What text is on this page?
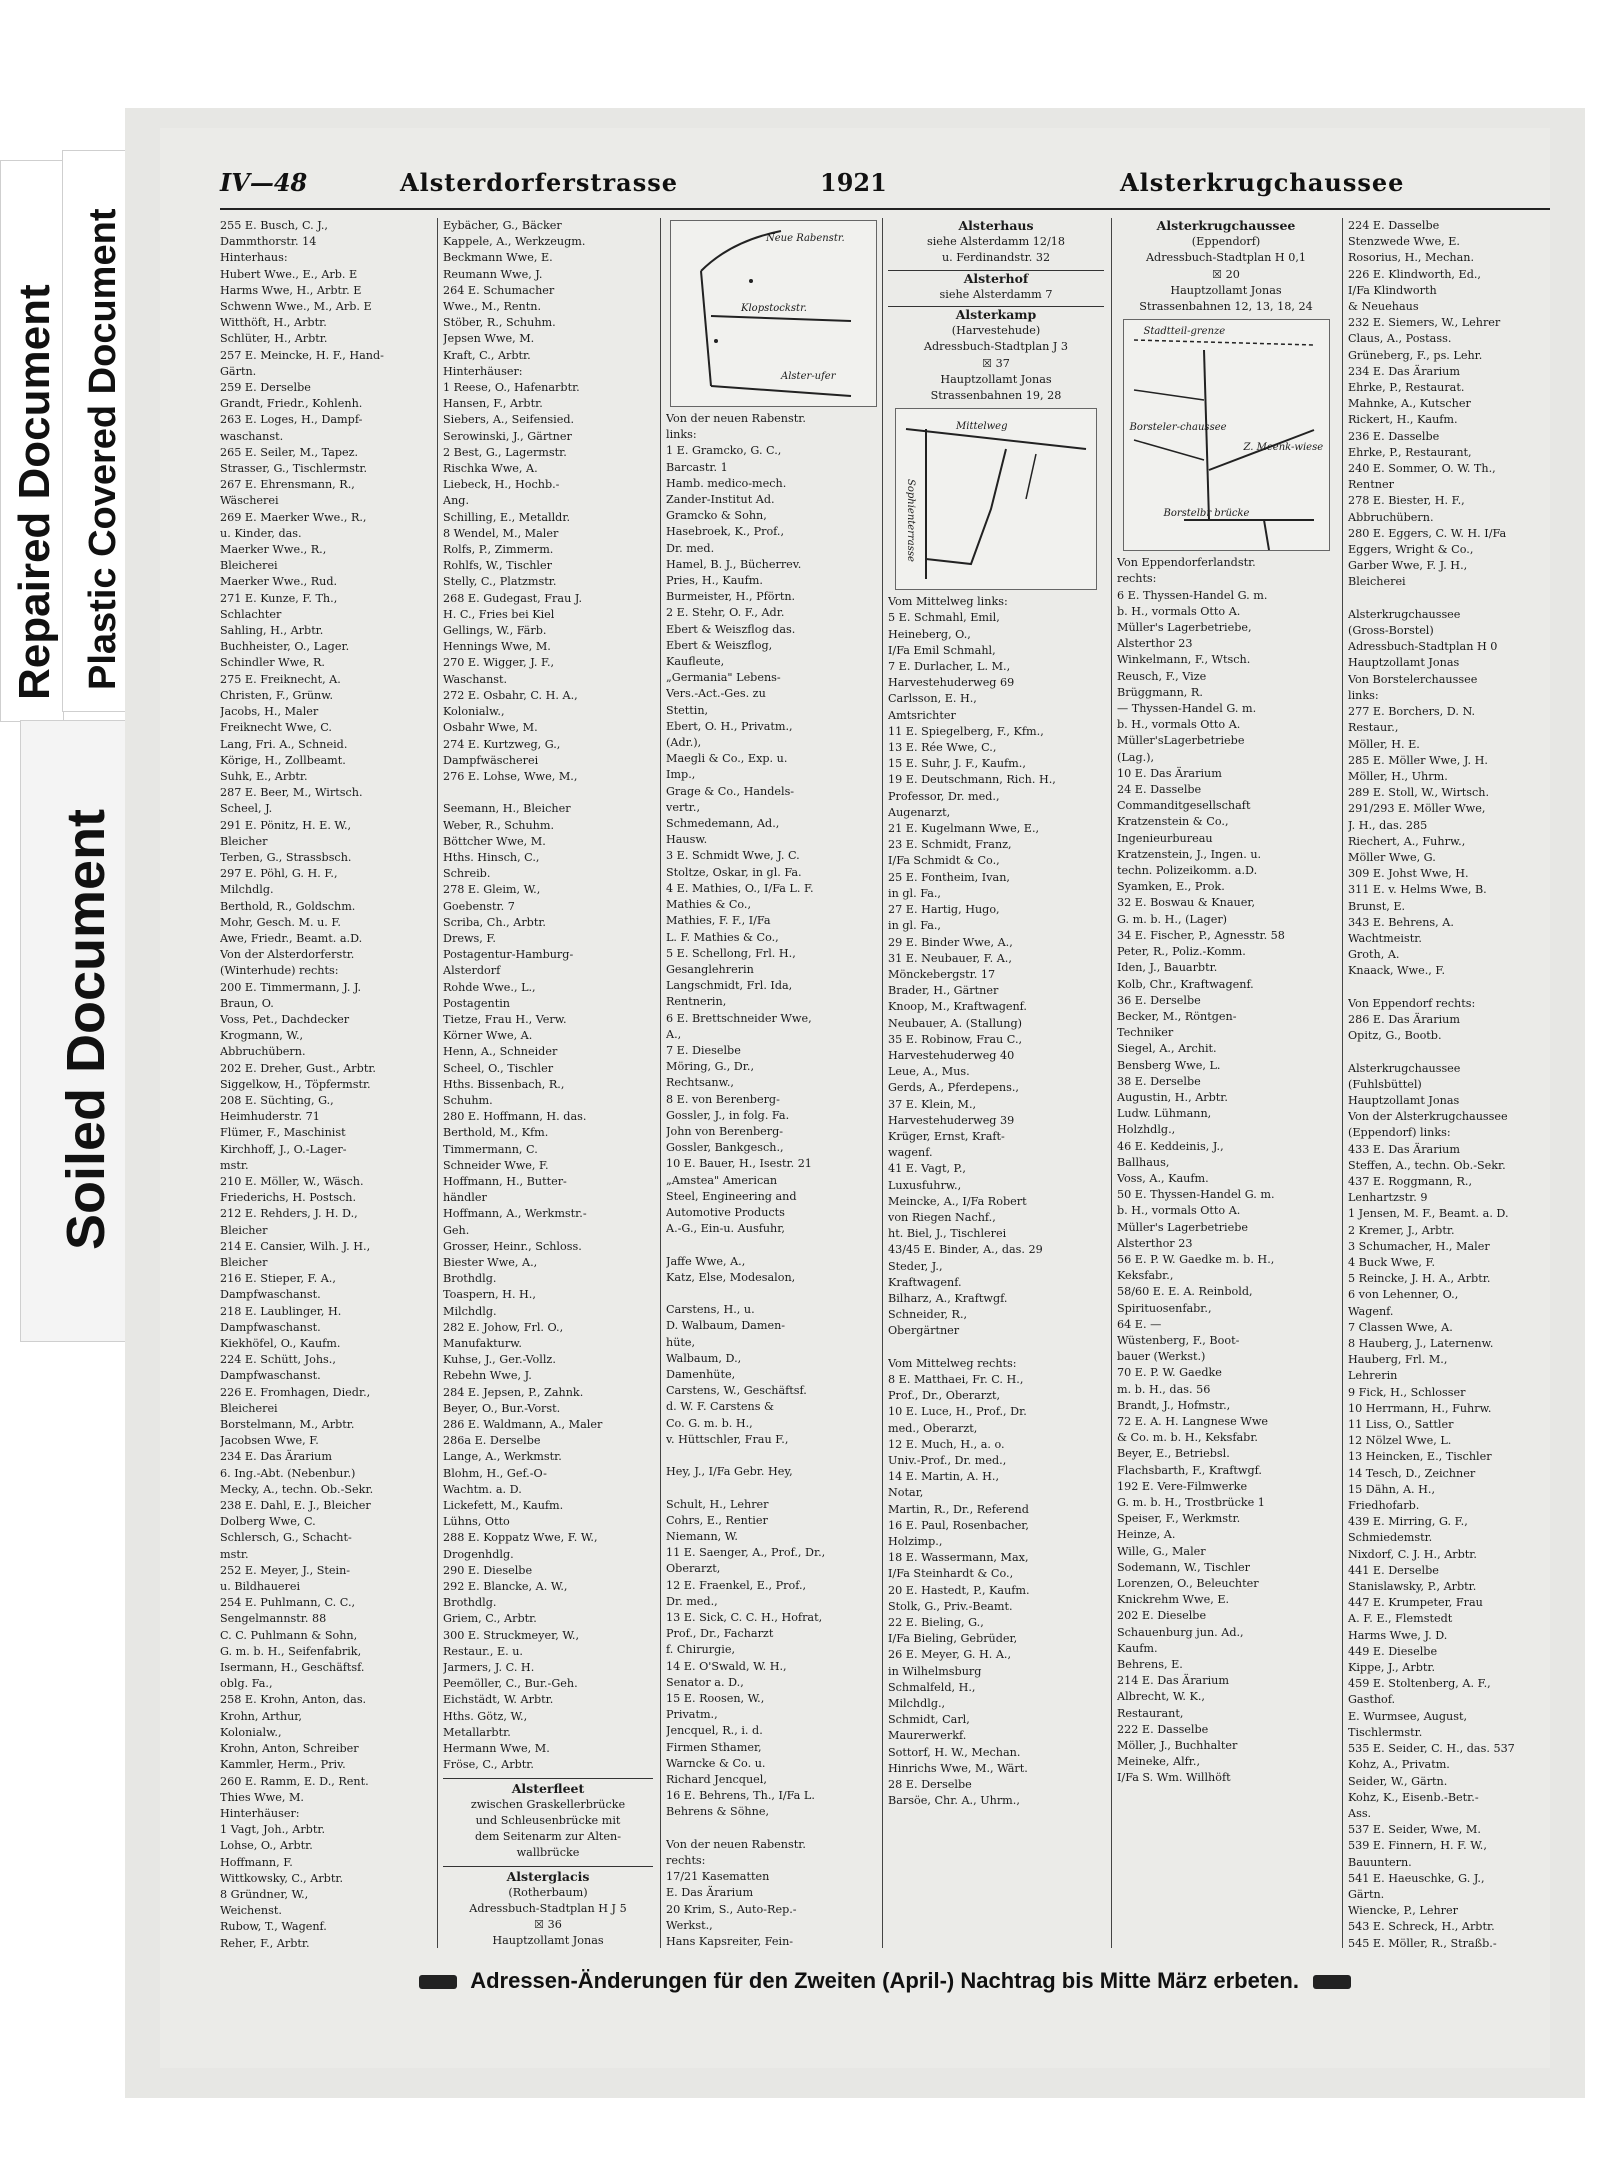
Repaired Document Plastic Covered Document
Soiled Document
IV—48	Alsterdorferstrasse	1921	Alsterkrugchaussee
255 E. Busch, C. J.,
Dammthorstr. 14
Hinterhaus:
Hubert Wwe., E., Arb. E
Harms Wwe, H., Arbtr. E
Schwenn Wwe., M., Arb. E
Witthöft, H., Arbtr.
Schlüter, H., Arbtr.
257 E. Meincke, H. F., Hand-
Gärtn.
259 E. Derselbe
Grandt, Friedr., Kohlenh.
263 E. Loges, H., Dampf-
waschanst.
265 E. Seiler, M., Tapez.
Strasser, G., Tischlermstr.
267 E. Ehrensmann, R.,
Wäscherei
269 E. Maerker Wwe., R.,
u. Kinder, das.
Maerker Wwe., R.,
Bleicherei
Maerker Wwe., Rud.
271 E. Kunze, F. Th.,
Schlachter
Sahling, H., Arbtr.
Buchheister, O., Lager.
Schindler Wwe, R.
275 E. Freiknecht, A.
Christen, F., Grünw.
Jacobs, H., Maler
Freiknecht Wwe, C.
Lang, Fri. A., Schneid.
Körige, H., Zollbeamt.
Suhk, E., Arbtr.
287 E. Beer, M., Wirtsch.
Scheel, J.
291 E. Pönitz, H. E. W.,
Bleicher
Terben, G., Strassbsch.
297 E. Pöhl, G. H. F.,
Milchdlg.
Berthold, R., Goldschm.
Mohr, Gesch. M. u. F.
Awe, Friedr., Beamt. a.D.
Von der Alsterdorferstr.
(Winterhude) rechts:
200 E. Timmermann, J. J.
Braun, O.
Voss, Pet., Dachdecker
Krogmann, W.,
Abbruchübern.
202 E. Dreher, Gust., Arbtr.
Siggelkow, H., Töpfermstr.
208 E. Süchting, G.,
Heimhuderstr. 71
Flümer, F., Maschinist
Kirchhoff, J., O.-Lager-
mstr.
210 E. Möller, W., Wäsch.
Friederichs, H. Postsch.
212 E. Rehders, J. H. D.,
Bleicher
214 E. Cansier, Wilh. J. H.,
Bleicher
216 E. Stieper, F. A.,
Dampfwaschanst.
218 E. Laublinger, H.
Dampfwaschanst.
Kiekhöfel, O., Kaufm.
224 E. Schütt, Johs.,
Dampfwaschanst.
226 E. Fromhagen, Diedr.,
Bleicherei
Borstelmann, M., Arbtr.
Jacobsen Wwe, F.
234 E. Das Ärarium
6. Ing.-Abt. (Nebenbur.)
Mecky, A., techn. Ob.-Sekr.
238 E. Dahl, E. J., Bleicher
Dolberg Wwe, C.
Schlersch, G., Schacht-
mstr.
252 E. Meyer, J., Stein-
u. Bildhauerei
254 E. Puhlmann, C. C.,
Sengelmannstr. 88
C. C. Puhlmann & Sohn,
G. m. b. H., Seifenfabrik,
Isermann, H., Geschäftsf.
oblg. Fa.,
258 E. Krohn, Anton, das.
Krohn, Arthur,
Kolonialw.,
Krohn, Anton, Schreiber
Kammler, Herm., Priv.
260 E. Ramm, E. D., Rent.
Thies Wwe, M.
Hinterhäuser:
1 Vagt, Joh., Arbtr.
Lohse, O., Arbtr.
Hoffmann, F.
Wittkowsky, C., Arbtr.
8 Gründner, W.,
Weichenst.
Rubow, T., Wagenf.
Reher, F., Arbtr.
Eybächer, G., Bäcker
Kappele, A., Werkzeugm.
Beckmann Wwe, E.
Reumann Wwe, J.
264 E. Schumacher
Wwe., M., Rentn.
Stöber, R., Schuhm.
Jepsen Wwe, M.
Kraft, C., Arbtr.
Hinterhäuser:
1 Reese, O., Hafenarbtr.
Hansen, F., Arbtr.
Siebers, A., Seifensied.
Serowinski, J., Gärtner
2 Best, G., Lagermstr.
Rischka Wwe, A.
Liebeck, H., Hochb.-
Ang.
Schilling, E., Metalldr.
8 Wendel, M., Maler
Rolfs, P., Zimmerm.
Rohlfs, W., Tischler
Stelly, C., Platzmstr.
268 E. Gudegast, Frau J.
H. C., Fries bei Kiel
Gellings, W., Färb.
Hennings Wwe, M.
270 E. Wigger, J. F.,
Waschanst.
272 E. Osbahr, C. H. A.,
Kolonialw.,
Osbahr Wwe, M.
274 E. Kurtzweg, G.,
Dampfwäscherei
276 E. Lohse, Wwe, M.,

Seemann, H., Bleicher
Weber, R., Schuhm.
Böttcher Wwe, M.
Hths. Hinsch, C.,
Schreib.
278 E. Gleim, W.,
Goebenstr. 7
Scriba, Ch., Arbtr.
Drews, F.
Postagentur-Hamburg-
Alsterdorf
Rohde Wwe., L.,
Postagentin
Tietze, Frau H., Verw.
Körner Wwe, A.
Henn, A., Schneider
Scheel, O., Tischler
Hths. Bissenbach, R.,
Schuhm.
280 E. Hoffmann, H. das.
Berthold, M., Kfm.
Timmermann, C.
Schneider Wwe, F.
Hoffmann, H., Butter-
händler
Hoffmann, A., Werkmstr.-
Geh.
Grosser, Heinr., Schloss.
Biester Wwe, A.,
Brothdlg.
Toaspern, H. H.,
Milchdlg.
282 E. Johow, Frl. O.,
Manufakturw.
Kuhse, J., Ger.-Vollz.
Rebehn Wwe, J.
284 E. Jepsen, P., Zahnk.
Beyer, O., Bur.-Vorst.
286 E. Waldmann, A., Maler
286a E. Derselbe
Lange, A., Werkmstr.
Blohm, H., Gef.-O-
Wachtm. a. D.
Lickefett, M., Kaufm.
Lühns, Otto
288 E. Koppatz Wwe, F. W.,
Drogenhdlg.
290 E. Dieselbe
292 E. Blancke, A. W.,
Brothdlg.
Griem, C., Arbtr.
300 E. Struckmeyer, W.,
Restaur., E. u.
Jarmers, J. C. H.
Peemöller, C., Bur.-Geh.
Eichstädt, W. Arbtr.
Hths. Götz, W.,
Metallarbtr.
Hermann Wwe, M.
Fröse, C., Arbtr.
Alsterfleet
zwischen Graskellerbrücke
und Schleusenbrücke mit
dem Seitenarm zur Alten-
wallbrücke
Alsterglacis
(Rotherbaum)
Adressbuch-Stadtplan H J 5
☒ 36
Hauptzollamt Jonas
Neue Rabenstr.
Klopstockstr.
Alster-ufer
Von der neuen Rabenstr.
links:
1 E. Gramcko, G. C.,
Barcastr. 1
Hamb. medico-mech.
Zander-Institut Ad.
Gramcko & Sohn,
Hasebroek, K., Prof.,
Dr. med.
Hamel, B. J., Bücherrev.
Pries, H., Kaufm.
Burmeister, H., Pförtn.
2 E. Stehr, O. F., Adr.
Ebert & Weiszflog das.
Ebert & Weiszflog,
Kaufleute,
„Germania" Lebens-
Vers.-Act.-Ges. zu
Stettin,
Ebert, O. H., Privatm.,
(Adr.),
Maegli & Co., Exp. u.
Imp.,
Grage & Co., Handels-
vertr.,
Schmedemann, Ad.,
Hausw.
3 E. Schmidt Wwe, J. C.
Stoltze, Oskar, in gl. Fa.
4 E. Mathies, O., I/Fa L. F.
Mathies & Co.,
Mathies, F. F., I/Fa
L. F. Mathies & Co.,
5 E. Schellong, Frl. H.,
Gesanglehrerin
Langschmidt, Frl. Ida,
Rentnerin,
6 E. Brettschneider Wwe,
A.,
7 E. Dieselbe
Möring, G., Dr.,
Rechtsanw.,
8 E. von Berenberg-
Gossler, J., in folg. Fa.
John von Berenberg-
Gossler, Bankgesch.,
10 E. Bauer, H., Isestr. 21
„Amstea" American
Steel, Engineering and
Automotive Products
A.-G., Ein-u. Ausfuhr,

Jaffe Wwe, A.,
Katz, Else, Modesalon,

Carstens, H., u.
D. Walbaum, Damen-
hüte,
Walbaum, D.,
Damenhüte,
Carstens, W., Geschäftsf.
d. W. F. Carstens &
Co. G. m. b. H.,
v. Hüttschler, Frau F.,

Hey, J., I/Fa Gebr. Hey,

Schult, H., Lehrer
Cohrs, E., Rentier
Niemann, W.
11 E. Saenger, A., Prof., Dr.,
Oberarzt,
12 E. Fraenkel, E., Prof.,
Dr. med.,
13 E. Sick, C. C. H., Hofrat,
Prof., Dr., Facharzt
f. Chirurgie,
14 E. O'Swald, W. H.,
Senator a. D.,
15 E. Roosen, W.,
Privatm.,
Jencquel, R., i. d.
Firmen Sthamer,
Warncke & Co. u.
Richard Jencquel,
16 E. Behrens, Th., I/Fa L.
Behrens & Söhne,

Von der neuen Rabenstr.
rechts:
17/21 Kasematten
E. Das Ärarium
20 Krim, S., Auto-Rep.-
Werkst.,
Hans Kapsreiter, Fein-
Alsterhaus
siehe Alsterdamm 12/18
u. Ferdinandstr. 32
Alsterhof
siehe Alsterdamm 7
Alsterkamp
(Harvestehude)
Adressbuch-Stadtplan J 3
☒ 37
Hauptzollamt Jonas
Strassenbahnen 19, 28
Mittelweg
Sophienterrasse
Vom Mittelweg links:
5 E. Schmahl, Emil,
Heineberg, O.,
I/Fa Emil Schmahl,
7 E. Durlacher, L. M.,
Harvestehuderweg 69
Carlsson, E. H.,
Amtsrichter
11 E. Spiegelberg, F., Kfm.,
13 E. Rée Wwe, C.,
15 E. Suhr, J. F., Kaufm.,
19 E. Deutschmann, Rich. H.,
Professor, Dr. med.,
Augenarzt,
21 E. Kugelmann Wwe, E.,
23 E. Schmidt, Franz,
I/Fa Schmidt & Co.,
25 E. Fontheim, Ivan,
in gl. Fa.,
27 E. Hartig, Hugo,
in gl. Fa.,
29 E. Binder Wwe, A.,
31 E. Neubauer, F. A.,
Mönckebergstr. 17
Brader, H., Gärtner
Knoop, M., Kraftwagenf.
Neubauer, A. (Stallung)
35 E. Robinow, Frau C.,
Harvestehuderweg 40
Leue, A., Mus.
Gerds, A., Pferdepens.,
37 E. Klein, M.,
Harvestehuderweg 39
Krüger, Ernst, Kraft-
wagenf.
41 E. Vagt, P.,
Luxusfuhrw.,
Meincke, A., I/Fa Robert
von Riegen Nachf.,
ht. Biel, J., Tischlerei
43/45 E. Binder, A., das. 29
Steder, J.,
Kraftwagenf.
Bilharz, A., Kraftwgf.
Schneider, R.,
Obergärtner

Vom Mittelweg rechts:
8 E. Matthaei, Fr. C. H.,
Prof., Dr., Oberarzt,
10 E. Luce, H., Prof., Dr.
med., Oberarzt,
12 E. Much, H., a. o.
Univ.-Prof., Dr. med.,
14 E. Martin, A. H.,
Notar,
Martin, R., Dr., Referend
16 E. Paul, Rosenbacher,
Holzimp.,
18 E. Wassermann, Max,
I/Fa Steinhardt & Co.,
20 E. Hastedt, P., Kaufm.
Stolk, G., Priv.-Beamt.
22 E. Bieling, G.,
I/Fa Bieling, Gebrüder,
26 E. Meyer, G. H. A.,
in Wilhelmsburg
Schmalfeld, H.,
Milchdlg.,
Schmidt, Carl,
Maurerwerkf.
Sottorf, H. W., Mechan.
Hinrichs Wwe, M., Wärt.
28 E. Derselbe
Barsöe, Chr. A., Uhrm.,
Alsterkrugchaussee
(Eppendorf)
Adressbuch-Stadtplan H 0,1
☒ 20
Hauptzollamt Jonas
Strassenbahnen 12, 13, 18, 24
Stadtteil-grenze
Borsteler-chaussee
Z. Meenk-wiese
Borstelbr brücke
Von Eppendorferlandstr.
rechts:
6 E. Thyssen-Handel G. m.
b. H., vormals Otto A.
Müller's Lagerbetriebe,
Alsterthor 23
Winkelmann, F., Wtsch.
Reusch, F., Vize
Brüggmann, R.
— Thyssen-Handel G. m.
b. H., vormals Otto A.
Müller'sLagerbetriebe
(Lag.),
10 E. Das Ärarium
24 E. Dasselbe
Commanditgesellschaft
Kratzenstein & Co.,
Ingenieurbureau
Kratzenstein, J., Ingen. u.
techn. Polizeikomm. a.D.
Syamken, E., Prok.
32 E. Boswau & Knauer,
G. m. b. H., (Lager)
34 E. Fischer, P., Agnesstr. 58
Peter, R., Poliz.-Komm.
Iden, J., Bauarbtr.
Kolb, Chr., Kraftwagenf.
36 E. Derselbe
Becker, M., Röntgen-
Techniker
Siegel, A., Archit.
Bensberg Wwe, L.
38 E. Derselbe
Augustin, H., Arbtr.
Ludw. Lühmann,
Holzhdlg.,
46 E. Keddeinis, J.,
Ballhaus,
Voss, A., Kaufm.
50 E. Thyssen-Handel G. m.
b. H., vormals Otto A.
Müller's Lagerbetriebe
Alsterthor 23
56 E. P. W. Gaedke m. b. H.,
Keksfabr.,
58/60 E. E. A. Reinbold,
Spirituosenfabr.,
64 E. —
Wüstenberg, F., Boot-
bauer (Werkst.)
70 E. P. W. Gaedke
m. b. H., das. 56
Brandt, J., Hofmstr.,
72 E. A. H. Langnese Wwe
& Co. m. b. H., Keksfabr.
Beyer, E., Betriebsl.
Flachsbarth, F., Kraftwgf.
192 E. Vere-Filmwerke
G. m. b. H., Trostbrücke 1
Speiser, F., Werkmstr.
Heinze, A.
Wille, G., Maler
Sodemann, W., Tischler
Lorenzen, O., Beleuchter
Knickrehm Wwe, E.
202 E. Dieselbe
Schauenburg jun. Ad.,
Kaufm.
Behrens, E.
214 E. Das Ärarium
Albrecht, W. K.,
Restaurant,
222 E. Dasselbe
Möller, J., Buchhalter
Meineke, Alfr.,
I/Fa S. Wm. Willhöft
224 E. Dasselbe
Stenzwede Wwe, E.
Rosorius, H., Mechan.
226 E. Klindworth, Ed.,
I/Fa Klindworth
& Neuehaus
232 E. Siemers, W., Lehrer
Claus, A., Postass.
Grüneberg, F., ps. Lehr.
234 E. Das Ärarium
Ehrke, P., Restaurat.
Mahnke, A., Kutscher
Rickert, H., Kaufm.
236 E. Dasselbe
Ehrke, P., Restaurant,
240 E. Sommer, O. W. Th.,
Rentner
278 E. Biester, H. F.,
Abbruchübern.
280 E. Eggers, C. W. H. I/Fa
Eggers, Wright & Co.,
Garber Wwe, F. J. H.,
Bleicherei

Alsterkrugchaussee
(Gross-Borstel)
Adressbuch-Stadtplan H 0
Hauptzollamt Jonas
Von Borstelerchaussee
links:
277 E. Borchers, D. N.
Restaur.,
Möller, H. E.
285 E. Möller Wwe, J. H.
Möller, H., Uhrm.
289 E. Stoll, W., Wirtsch.
291/293 E. Möller Wwe,
J. H., das. 285
Riechert, A., Fuhrw.,
Möller Wwe, G.
309 E. Johst Wwe, H.
311 E. v. Helms Wwe, B.
Brunst, E.
343 E. Behrens, A.
Wachtmeistr.
Groth, A.
Knaack, Wwe., F.

Von Eppendorf rechts:
286 E. Das Ärarium
Opitz, G., Bootb.

Alsterkrugchaussee
(Fuhlsbüttel)
Hauptzollamt Jonas
Von der Alsterkrugchaussee
(Eppendorf) links:
433 E. Das Ärarium
Steffen, A., techn. Ob.-Sekr.
437 E. Roggmann, R.,
Lenhartzstr. 9
1 Jensen, M. F., Beamt. a. D.
2 Kremer, J., Arbtr.
3 Schumacher, H., Maler
4 Buck Wwe, F.
5 Reincke, J. H. A., Arbtr.
6 von Lehenner, O.,
Wagenf.
7 Classen Wwe, A.
8 Hauberg, J., Laternenw.
Hauberg, Frl. M.,
Lehrerin
9 Fick, H., Schlosser
10 Herrmann, H., Fuhrw.
11 Liss, O., Sattler
12 Nölzel Wwe, L.
13 Heincken, E., Tischler
14 Tesch, D., Zeichner
15 Dähn, A. H.,
Friedhofarb.
439 E. Mirring, G. F.,
Schmiedemstr.
Nixdorf, C. J. H., Arbtr.
441 E. Derselbe
Stanislawsky, P., Arbtr.
447 E. Krumpeter, Frau
A. F. E., Flemstedt
Harms Wwe, J. D.
449 E. Dieselbe
Kippe, J., Arbtr.
459 E. Stoltenberg, A. F.,
Gasthof.
E. Wurmsee, August,
Tischlermstr.
535 E. Seider, C. H., das. 537
Kohz, A., Privatm.
Seider, W., Gärtn.
Kohz, K., Eisenb.-Betr.-
Ass.
537 E. Seider, Wwe, M.
539 E. Finnern, H. F. W.,
Bauuntern.
541 E. Haeuschke, G. J.,
Gärtn.
Wiencke, P., Lehrer
543 E. Schreck, H., Arbtr.
545 E. Möller, R., Straßb.-
Adressen-Änderungen für den Zweiten (April-) Nachtrag bis Mitte März erbeten.
